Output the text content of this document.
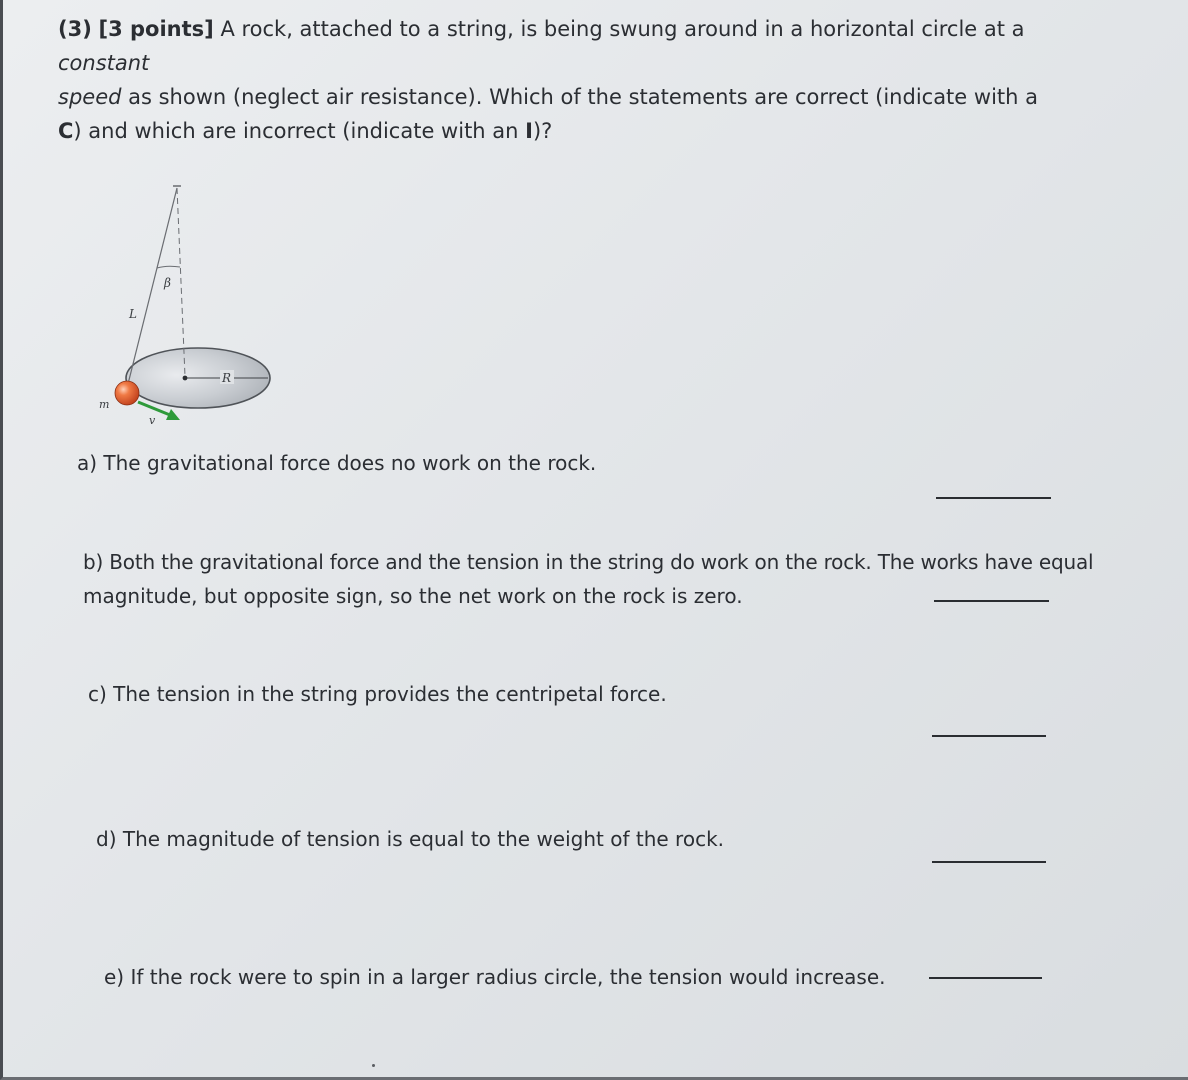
(3) [3 points] A rock, attached to a string, is being swung around in a horizontal circle at a constant
speed as shown (neglect air resistance). Which of the statements are correct (indicate with a C) and which are incorrect (indicate with an I)?
β
L
R
m
v
a) The gravitational force does no work on the rock.
b) Both the gravitational force and the tension in the string do work on the rock. The works have equal
magnitude, but opposite sign, so the net work on the rock is zero.
c) The tension in the string provides the centripetal force.
d) The magnitude of tension is equal to the weight of the rock.
e) If the rock were to spin in a larger radius circle, the tension would increase.
